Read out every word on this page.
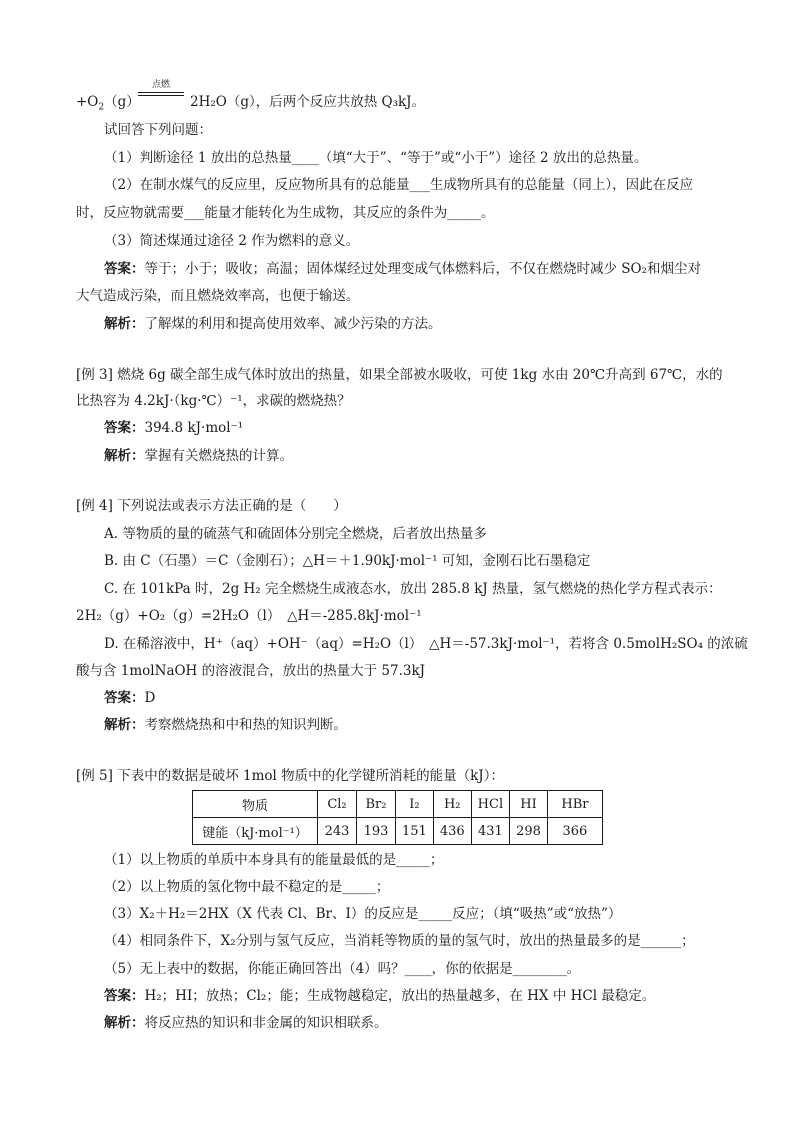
$+O_2(g)$
点燃
2H₂O（g），后两个反应共放热 Q₃kJ。
试回答下列问题：
（1）判断途径 1 放出的总热量____（填“大于”、“等于”或“小于”）途径 2 放出的总热量。
（2）在制水煤气的反应里，反应物所具有的总能量___生成物所具有的总能量（同上），因此在反应
时，反应物就需要___能量才能转化为生成物，其反应的条件为_____。
（3）简述煤通过途径 2 作为燃料的意义。
答案：等于；小于；吸收；高温；固体煤经过处理变成气体燃料后，不仅在燃烧时减少 SO₂和烟尘对
大气造成污染，而且燃烧效率高，也便于输送。
解析：了解煤的利用和提高使用效率、减少污染的方法。
[例 3] 燃烧 6g 碳全部生成气体时放出的热量，如果全部被水吸收，可使 1kg 水由 20℃升高到 67℃，水的
比热容为 4.2kJ·（kg·℃）⁻¹，求碳的燃烧热？
答案：394.8 kJ·mol⁻¹
解析：掌握有关燃烧热的计算。
[例 4] 下列说法或表示方法正确的是（　　）
A. 等物质的量的硫蒸气和硫固体分别完全燃烧，后者放出热量多
B. 由 C（石墨）＝C（金刚石）；△H＝＋1.90kJ·mol⁻¹ 可知，金刚石比石墨稳定
C. 在 101kPa 时，2g H₂ 完全燃烧生成液态水，放出 285.8 kJ 热量，氢气燃烧的热化学方程式表示：
2H₂（g）+O₂（g）=2H₂O（l）　△H＝-285.8kJ·mol⁻¹
D. 在稀溶液中，H⁺（aq）+OH⁻（aq）=H₂O（l）　△H＝-57.3kJ·mol⁻¹，若将含 0.5molH₂SO₄ 的浓硫
酸与含 1molNaOH 的溶液混合，放出的热量大于 57.3kJ
答案：D
解析：考察燃烧热和中和热的知识判断。
[例 5] 下表中的数据是破坏 1mol 物质中的化学键所消耗的能量（kJ）：
物质	Cl₂	Br₂	I₂	H₂	HCl	HI	HBr
键能（kJ·mol⁻¹）	243	193	151	436	431	298	366
（1）以上物质的单质中本身具有的能量最低的是_____；
（2）以上物质的氢化物中最不稳定的是_____；
（3）X₂＋H₂＝2HX（X 代表 Cl、Br、I）的反应是_____反应；（填“吸热”或“放热”）
（4）相同条件下，X₂分别与氢气反应，当消耗等物质的量的氢气时，放出的热量最多的是______；
（5）无上表中的数据，你能正确回答出（4）吗？____，你的依据是________。
答案：H₂；HI；放热；Cl₂；能；生成物越稳定，放出的热量越多，在 HX 中 HCl 最稳定。
解析：将反应热的知识和非金属的知识相联系。
